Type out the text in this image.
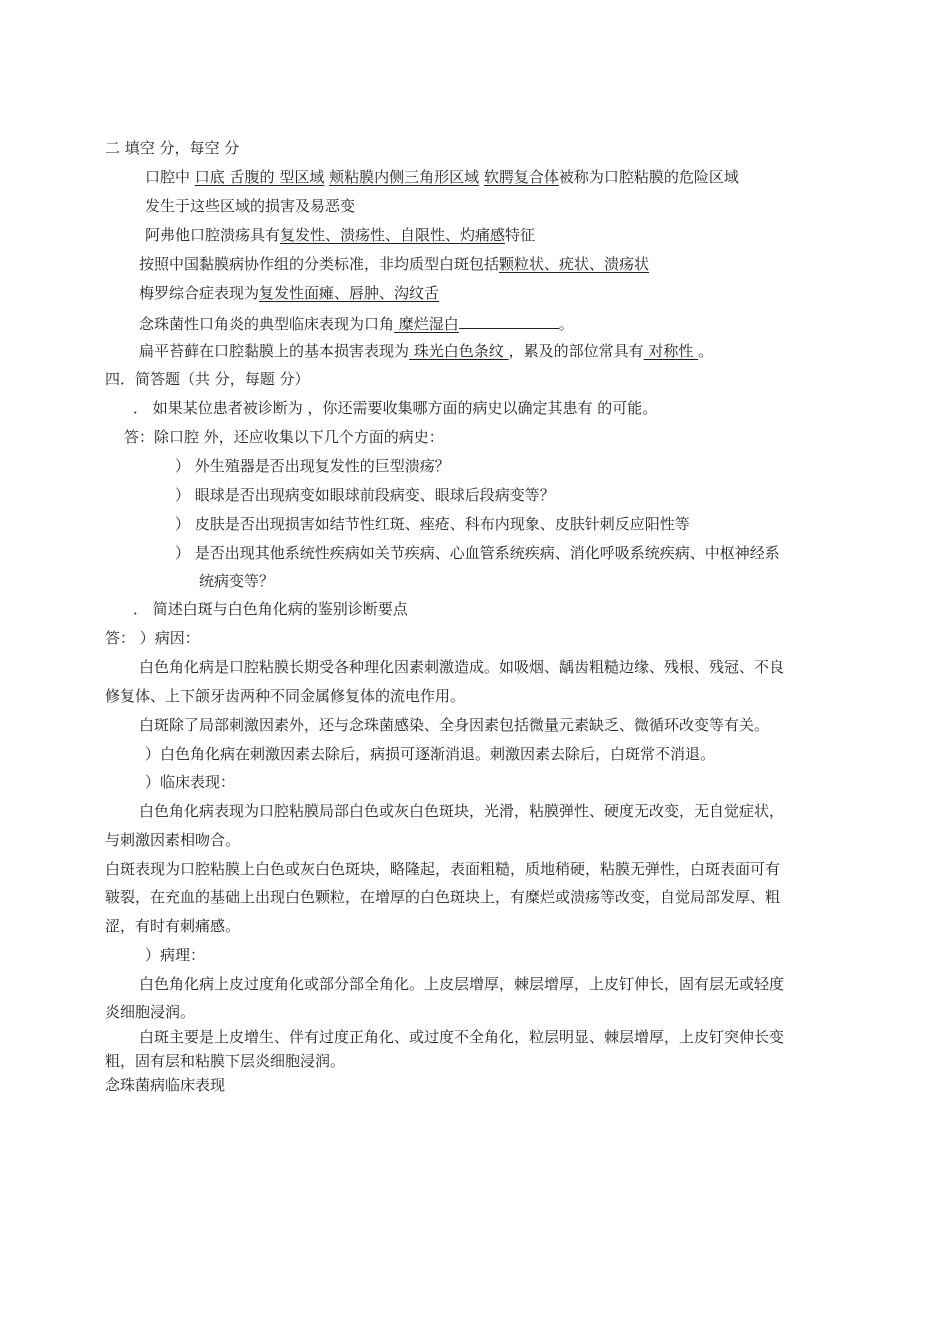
二 填空 分，每空 分
口腔中 口底 舌腹的 型区域 颊粘膜内侧三角形区域 软腭复合体被称为口腔粘膜的危险区域
发生于这些区域的损害及易恶变
阿弗他口腔溃疡具有复发性、溃疡性、自限性、灼痛感特征
按照中国黏膜病协作组的分类标准，非均质型白斑包括颗粒状、疣状、溃疡状
梅罗综合症表现为复发性面瘫、唇肿、沟纹舌
念珠菌性口角炎的典型临床表现为口角 糜烂湿白	。
扁平苔藓在口腔黏膜上的基本损害表现为 珠光白色条纹 ，累及的部位常具有 对称性 。
四．简答题（共 分，每题 分）
． 如果某位患者被诊断为 ，你还需要收集哪方面的病史以确定其患有 的可能。
答：除口腔 外，还应收集以下几个方面的病史：
） 外生殖器是否出现复发性的巨型溃疡？
） 眼球是否出现病变如眼球前段病变、眼球后段病变等？
） 皮肤是否出现损害如结节性红斑、痤疮、科布内现象、皮肤针刺反应阳性等
） 是否出现其他系统性疾病如关节疾病、心血管系统疾病、消化呼吸系统疾病、中枢神经系
统病变等？
． 简述白斑与白色角化病的鉴别诊断要点
答： ）病因：
白色角化病是口腔粘膜长期受各种理化因素刺激造成。如吸烟、龋齿粗糙边缘、残根、残冠、不良
修复体、上下颌牙齿两种不同金属修复体的流电作用。
白斑除了局部刺激因素外，还与念珠菌感染、全身因素包括微量元素缺乏、微循环改变等有关。
）白色角化病在刺激因素去除后，病损可逐渐消退。刺激因素去除后，白斑常不消退。
）临床表现：
白色角化病表现为口腔粘膜局部白色或灰白色斑块，光滑，粘膜弹性、硬度无改变，无自觉症状，
与刺激因素相吻合。
白斑表现为口腔粘膜上白色或灰白色斑块，略隆起，表面粗糙，质地稍硬，粘膜无弹性，白斑表面可有
皲裂，在充血的基础上出现白色颗粒，在增厚的白色斑块上，有糜烂或溃疡等改变，自觉局部发厚、粗
涩，有时有刺痛感。
）病理：
白色角化病上皮过度角化或部分部全角化。上皮层增厚，棘层增厚，上皮钉伸长，固有层无或轻度
炎细胞浸润。
白斑主要是上皮增生、伴有过度正角化、或过度不全角化，粒层明显、棘层增厚，上皮钉突伸长变
粗，固有层和粘膜下层炎细胞浸润。
念珠菌病临床表现
